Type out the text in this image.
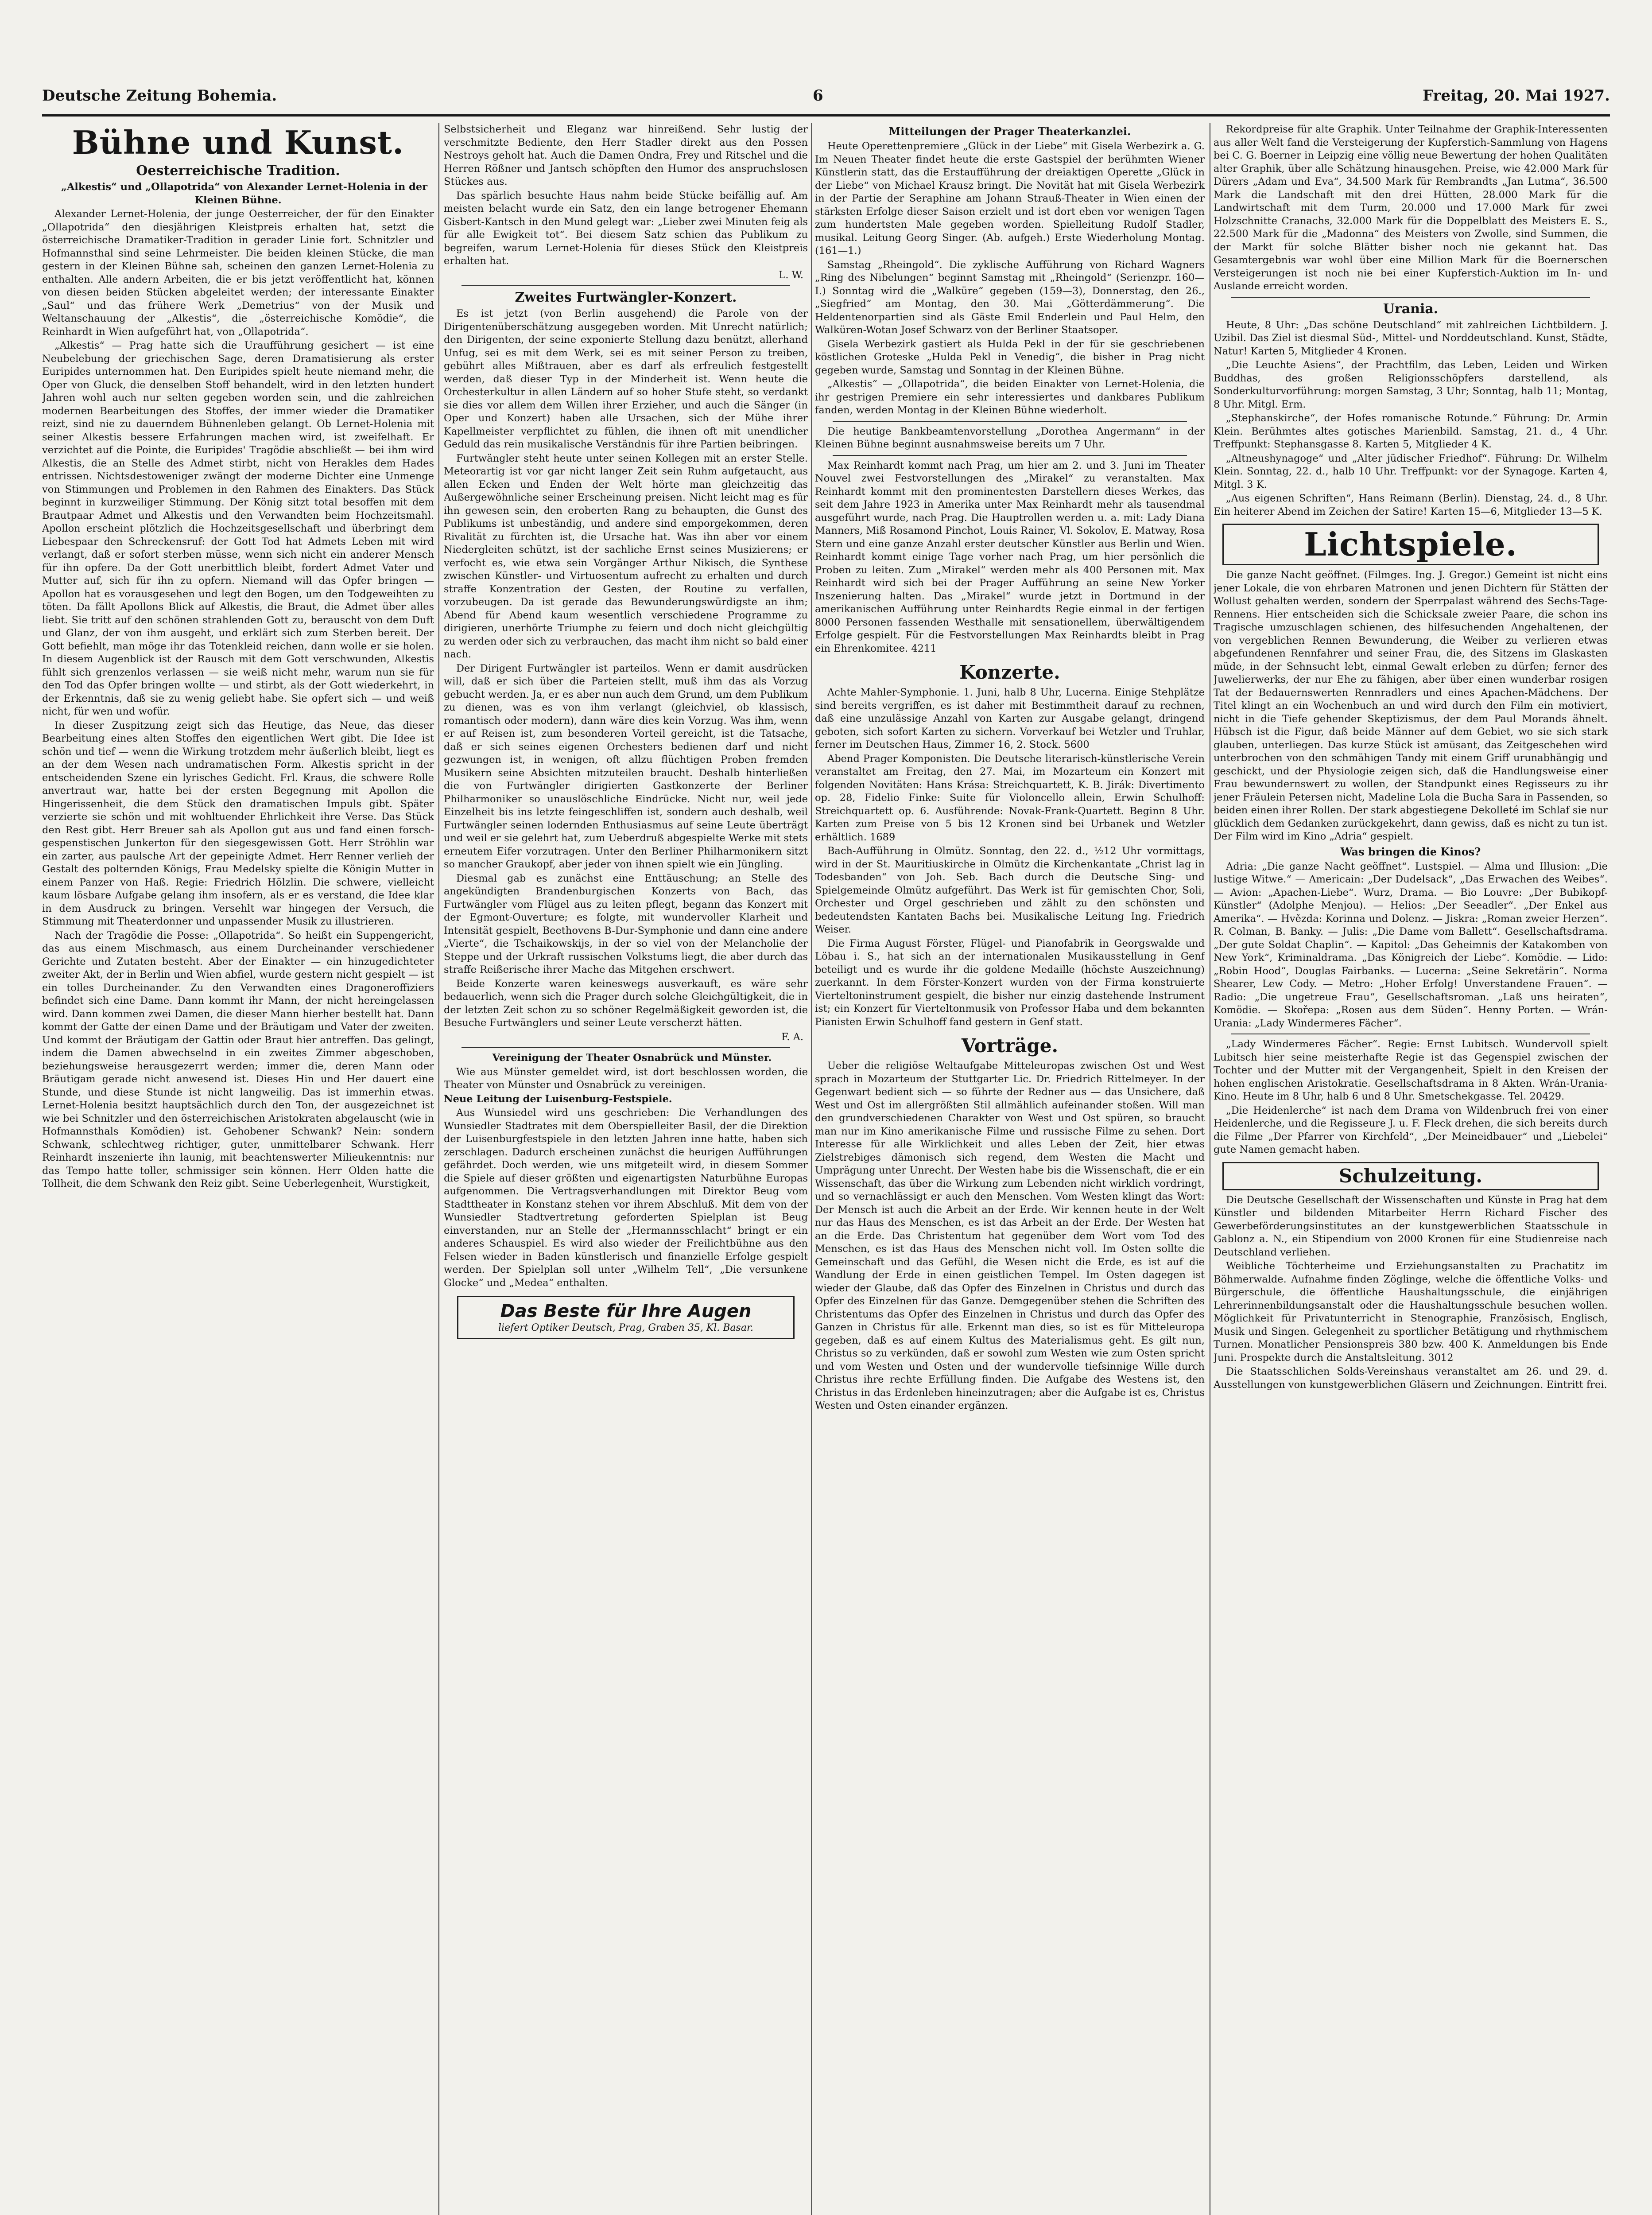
Deutsche Zeitung Bohemia.	6	Freitag, 20. Mai 1927.
Bühne und Kunst.
Oesterreichische Tradition.

„Alkestis“ und „Ollapotrida“ von Alexander Lernet-Holenia in der Kleinen Bühne.

Alexander Lernet-Holenia, der junge Oesterreicher, der für den Einakter „Ollapotrida“ den diesjährigen Kleistpreis erhalten hat, setzt die österreichische Dramatiker-Tradition in gerader Linie fort. Schnitzler und Hofmannsthal sind seine Lehrmeister. Die beiden kleinen Stücke, die man gestern in der Kleinen Bühne sah, scheinen den ganzen Lernet-Holenia zu enthalten. Alle andern Arbeiten, die er bis jetzt veröffentlicht hat, können von diesen beiden Stücken abgeleitet werden; der interessante Einakter „Saul“ und das frühere Werk „Demetrius“ von der Musik und Weltanschauung der „Alkestis“, die „österreichische Komödie“, die Reinhardt in Wien aufgeführt hat, von „Ollapotrida“.

„Alkestis“ — Prag hatte sich die Uraufführung gesichert — ist eine Neubelebung der griechischen Sage, deren Dramatisierung als erster Euripides unternommen hat. Den Euripides spielt heute niemand mehr, die Oper von Gluck, die denselben Stoff behandelt, wird in den letzten hundert Jahren wohl auch nur selten gegeben worden sein, und die zahlreichen modernen Bearbeitungen des Stoffes, der immer wieder die Dramatiker reizt, sind nie zu dauerndem Bühnenleben gelangt. Ob Lernet-Holenia mit seiner Alkestis bessere Erfahrungen machen wird, ist zweifelhaft. Er verzichtet auf die Pointe, die Euripides' Tragödie abschließt — bei ihm wird Alkestis, die an Stelle des Admet stirbt, nicht von Herakles dem Hades entrissen. Nichtsdestoweniger zwängt der moderne Dichter eine Unmenge von Stimmungen und Problemen in den Rahmen des Einakters. Das Stück beginnt in kurzweiliger Stimmung. Der König sitzt total besoffen mit dem Brautpaar Admet und Alkestis und den Verwandten beim Hochzeitsmahl. Apollon erscheint plötzlich die Hochzeitsgesellschaft und überbringt dem Liebespaar den Schreckensruf: der Gott Tod hat Admets Leben mit wird verlangt, daß er sofort sterben müsse, wenn sich nicht ein anderer Mensch für ihn opfere. Da der Gott unerbittlich bleibt, fordert Admet Vater und Mutter auf, sich für ihn zu opfern. Niemand will das Opfer bringen — Apollon hat es vorausgesehen und legt den Bogen, um den Todgeweihten zu töten. Da fällt Apollons Blick auf Alkestis, die Braut, die Admet über alles liebt. Sie tritt auf den schönen strahlenden Gott zu, berauscht von dem Duft und Glanz, der von ihm ausgeht, und erklärt sich zum Sterben bereit. Der Gott befiehlt, man möge ihr das Totenkleid reichen, dann wolle er sie holen. In diesem Augenblick ist der Rausch mit dem Gott verschwunden, Alkestis fühlt sich grenzenlos verlassen — sie weiß nicht mehr, warum nun sie für den Tod das Opfer bringen wollte — und stirbt, als der Gott wiederkehrt, in der Erkenntnis, daß sie zu wenig geliebt habe. Sie opfert sich — und weiß nicht, für wen und wofür.

In dieser Zuspitzung zeigt sich das Heutige, das Neue, das dieser Bearbeitung eines alten Stoffes den eigentlichen Wert gibt. Die Idee ist schön und tief — wenn die Wirkung trotzdem mehr äußerlich bleibt, liegt es an der dem Wesen nach undramatischen Form. Alkestis spricht in der entscheidenden Szene ein lyrisches Gedicht. Frl. Kraus, die schwere Rolle anvertraut war, hatte bei der ersten Begegnung mit Apollon die Hingerissenheit, die dem Stück den dramatischen Impuls gibt. Später verzierte sie schön und mit wohltuender Ehrlichkeit ihre Verse. Das Stück den Rest gibt. Herr Breuer sah als Apollon gut aus und fand einen forsch-gespenstischen Junkerton für den siegesgewissen Gott. Herr Ströhlin war ein zarter, aus paulsche Art der gepeinigte Admet. Herr Renner verlieh der Gestalt des polternden Königs, Frau Medelsky spielte die Königin Mutter in einem Panzer von Haß. Regie: Friedrich Hölzlin. Die schwere, vielleicht kaum lösbare Aufgabe gelang ihm insofern, als er es verstand, die Idee klar in dem Ausdruck zu bringen. Versehlt war hingegen der Versuch, die Stimmung mit Theaterdonner und unpassender Musik zu illustrieren.

Nach der Tragödie die Posse: „Ollapotrida“. So heißt ein Suppengericht, das aus einem Mischmasch, aus einem Durcheinander verschiedener Gerichte und Zutaten besteht. Aber der Einakter — ein hinzugedichteter zweiter Akt, der in Berlin und Wien abfiel, wurde gestern nicht gespielt — ist ein tolles Durcheinander. Zu den Verwandten eines Dragoneroffiziers befindet sich eine Dame. Dann kommt ihr Mann, der nicht hereingelassen wird. Dann kommen zwei Damen, die dieser Mann hierher bestellt hat. Dann kommt der Gatte der einen Dame und der Bräutigam und Vater der zweiten. Und kommt der Bräutigam der Gattin oder Braut hier antreffen. Das gelingt, indem die Damen abwechselnd in ein zweites Zimmer abgeschoben, beziehungsweise herausgezerrt werden; immer die, deren Mann oder Bräutigam gerade nicht anwesend ist. Dieses Hin und Her dauert eine Stunde, und diese Stunde ist nicht langweilig. Das ist immerhin etwas. Lernet-Holenia besitzt hauptsächlich durch den Ton, der ausgezeichnet ist wie bei Schnitzler und den österreichischen Aristokraten abgelauscht (wie in Hofmannsthals Komödien) ist. Gehobener Schwank? Nein: sondern Schwank, schlechtweg richtiger, guter, unmittelbarer Schwank. Herr Reinhardt inszenierte ihn launig, mit beachtenswerter Milieukenntnis: nur das Tempo hatte toller, schmissiger sein können. Herr Olden hatte die Tollheit, die dem Schwank den Reiz gibt. Seine Ueberlegenheit, Wurstigkeit,

Selbstsicherheit und Eleganz war hinreißend. Sehr lustig der verschmitzte Bediente, den Herr Stadler direkt aus den Possen Nestroys geholt hat. Auch die Damen Ondra, Frey und Ritschel und die Herren Rößner und Jantsch schöpften den Humor des anspruchslosen Stückes aus.

Das spärlich besuchte Haus nahm beide Stücke beifällig auf. Am meisten belacht wurde ein Satz, den ein lange betrogener Ehemann Gisbert-Kantsch in den Mund gelegt war: „Lieber zwei Minuten feig als für alle Ewigkeit tot“. Bei diesem Satz schien das Publikum zu begreifen, warum Lernet-Holenia für dieses Stück den Kleistpreis erhalten hat.

L. W.
Zweites Furtwängler-Konzert.

Es ist jetzt (von Berlin ausgehend) die Parole von der Dirigentenüberschätzung ausgegeben worden. Mit Unrecht natürlich; den Dirigenten, der seine exponierte Stellung dazu benützt, allerhand Unfug, sei es mit dem Werk, sei es mit seiner Person zu treiben, gebührt alles Mißtrauen, aber es darf als erfreulich festgestellt werden, daß dieser Typ in der Minderheit ist. Wenn heute die Orchesterkultur in allen Ländern auf so hoher Stufe steht, so verdankt sie dies vor allem dem Willen ihrer Erzieher, und auch die Sänger (in Oper und Konzert) haben alle Ursachen, sich der Mühe ihrer Kapellmeister verpflichtet zu fühlen, die ihnen oft mit unendlicher Geduld das rein musikalische Verständnis für ihre Partien beibringen.

Furtwängler steht heute unter seinen Kollegen mit an erster Stelle. Meteorartig ist vor gar nicht langer Zeit sein Ruhm aufgetaucht, aus allen Ecken und Enden der Welt hörte man gleichzeitig das Außergewöhnliche seiner Erscheinung preisen. Nicht leicht mag es für ihn gewesen sein, den eroberten Rang zu behaupten, die Gunst des Publikums ist unbeständig, und andere sind emporgekommen, deren Rivalität zu fürchten ist, die Ursache hat. Was ihn aber vor einem Niedergleiten schützt, ist der sachliche Ernst seines Musizierens; er verfocht es, wie etwa sein Vorgänger Arthur Nikisch, die Synthese zwischen Künstler- und Virtuosentum aufrecht zu erhalten und durch straffe Konzentration der Gesten, der Routine zu verfallen, vorzubeugen. Da ist gerade das Bewunderungswürdigste an ihm; Abend für Abend kaum wesentlich verschiedene Programme zu dirigieren, unerhörte Triumphe zu feiern und doch nicht gleichgültig zu werden oder sich zu verbrauchen, das macht ihm nicht so bald einer nach.

Der Dirigent Furtwängler ist parteilos. Wenn er damit ausdrücken will, daß er sich über die Parteien stellt, muß ihm das als Vorzug gebucht werden. Ja, er es aber nun auch dem Grund, um dem Publikum zu dienen, was es von ihm verlangt (gleichviel, ob klassisch, romantisch oder modern), dann wäre dies kein Vorzug. Was ihm, wenn er auf Reisen ist, zum besonderen Vorteil gereicht, ist die Tatsache, daß er sich seines eigenen Orchesters bedienen darf und nicht gezwungen ist, in wenigen, oft allzu flüchtigen Proben fremden Musikern seine Absichten mitzuteilen braucht. Deshalb hinterließen die von Furtwängler dirigierten Gastkonzerte der Berliner Philharmoniker so unauslöschliche Eindrücke. Nicht nur, weil jede Einzelheit bis ins letzte feingeschliffen ist, sondern auch deshalb, weil Furtwängler seinen lodernden Enthusiasmus auf seine Leute überträgt und weil er sie gelehrt hat, zum Ueberdruß abgespielte Werke mit stets erneutem Eifer vorzutragen. Unter den Berliner Philharmonikern sitzt so mancher Graukopf, aber jeder von ihnen spielt wie ein Jüngling.

Diesmal gab es zunächst eine Enttäuschung; an Stelle des angekündigten Brandenburgischen Konzerts von Bach, das Furtwängler vom Flügel aus zu leiten pflegt, begann das Konzert mit der Egmont-Ouverture; es folgte, mit wundervoller Klarheit und Intensität gespielt, Beethovens B-Dur-Symphonie und dann eine andere „Vierte“, die Tschaikowskijs, in der so viel von der Melancholie der Steppe und der Urkraft russischen Volkstums liegt, die aber durch das straffe Reißerische ihrer Mache das Mitgehen erschwert.

Beide Konzerte waren keineswegs ausverkauft, es wäre sehr bedauerlich, wenn sich die Prager durch solche Gleichgültigkeit, die in der letzten Zeit schon zu so schöner Regelmäßigkeit geworden ist, die Besuche Furtwänglers und seiner Leute verscherzt hätten.

F. A.

Vereinigung der Theater Osnabrück und Münster.

Wie aus Münster gemeldet wird, ist dort beschlossen worden, die Theater von Münster und Osnabrück zu vereinigen.

Neue Leitung der Luisenburg-Festspiele.

Aus Wunsiedel wird uns geschrieben: Die Verhandlungen des Wunsiedler Stadtrates mit dem Oberspielleiter Basil, der die Direktion der Luisenburgfestspiele in den letzten Jahren inne hatte, haben sich zerschlagen. Dadurch erscheinen zunächst die heurigen Aufführungen gefährdet. Doch werden, wie uns mitgeteilt wird, in diesem Sommer die Spiele auf dieser größten und eigenartigsten Naturbühne Europas aufgenommen. Die Vertragsverhandlungen mit Direktor Beug vom Stadttheater in Konstanz stehen vor ihrem Abschluß. Mit dem von der Wunsiedler Stadtvertretung geforderten Spielplan ist Beug einverstanden, nur an Stelle der „Hermannsschlacht“ bringt er ein anderes Schauspiel. Es wird also wieder der Freilichtbühne aus den Felsen wieder in Baden künstlerisch und finanzielle Erfolge gespielt werden. Der Spielplan soll unter „Wilhelm Tell“, „Die versunkene Glocke“ und „Medea“ enthalten.

Das Beste für Ihre Augen
liefert Optiker Deutsch, Prag, Graben 35, Kl. Basar.
Mitteilungen der Prager Theaterkanzlei.

Heute Operettenpremiere „Glück in der Liebe“ mit Gisela Werbezirk a. G. Im Neuen Theater findet heute die erste Gastspiel der berühmten Wiener Künstlerin statt, das die Erstaufführung der dreiaktigen Operette „Glück in der Liebe“ von Michael Krausz bringt. Die Novität hat mit Gisela Werbezirk in der Partie der Seraphine am Johann Strauß-Theater in Wien einen der stärksten Erfolge dieser Saison erzielt und ist dort eben vor wenigen Tagen zum hundertsten Male gegeben worden. Spielleitung Rudolf Stadler, musikal. Leitung Georg Singer. (Ab. aufgeh.) Erste Wiederholung Montag. (161—1.)

Samstag „Rheingold“. Die zyklische Aufführung von Richard Wagners „Ring des Nibelungen“ beginnt Samstag mit „Rheingold“ (Serienzpr. 160—I.) Sonntag wird die „Walküre“ gegeben (159—3), Donnerstag, den 26., „Siegfried“ am Montag, den 30. Mai „Götterdämmerung“. Die Heldentenorpartien sind als Gäste Emil Enderlein und Paul Helm, den Walküren-Wotan Josef Schwarz von der Berliner Staatsoper.

Gisela Werbezirk gastiert als Hulda Pekl in der für sie geschriebenen köstlichen Groteske „Hulda Pekl in Venedig“, die bisher in Prag nicht gegeben wurde, Samstag und Sonntag in der Kleinen Bühne.

„Alkestis“ — „Ollapotrida“, die beiden Einakter von Lernet-Holenia, die ihr gestrigen Premiere ein sehr interessiertes und dankbares Publikum fanden, werden Montag in der Kleinen Bühne wiederholt.

Die heutige Bankbeamtenvorstellung „Dorothea Angermann“ in der Kleinen Bühne beginnt ausnahmsweise bereits um 7 Uhr.

Max Reinhardt kommt nach Prag, um hier am 2. und 3. Juni im Theater Nouvel zwei Festvorstellungen des „Mirakel“ zu veranstalten. Max Reinhardt kommt mit den prominentesten Darstellern dieses Werkes, das seit dem Jahre 1923 in Amerika unter Max Reinhardt mehr als tausendmal ausgeführt wurde, nach Prag. Die Hauptrollen werden u. a. mit: Lady Diana Manners, Miß Rosamond Pinchot, Louis Rainer, Vl. Sokolov, E. Matway, Rosa Stern und eine ganze Anzahl erster deutscher Künstler aus Berlin und Wien. Reinhardt kommt einige Tage vorher nach Prag, um hier persönlich die Proben zu leiten. Zum „Mirakel“ werden mehr als 400 Personen mit. Max Reinhardt wird sich bei der Prager Aufführung an seine New Yorker Inszenierung halten. Das „Mirakel“ wurde jetzt in Dortmund in der amerikanischen Aufführung unter Reinhardts Regie einmal in der fertigen 8000 Personen fassenden Westhalle mit sensationellem, überwältigendem Erfolge gespielt. Für die Festvorstellungen Max Reinhardts bleibt in Prag ein Ehrenkomitee. 4211

Konzerte.

Achte Mahler-Symphonie. 1. Juni, halb 8 Uhr, Lucerna. Einige Stehplätze sind bereits vergriffen, es ist daher mit Bestimmtheit darauf zu rechnen, daß eine unzulässige Anzahl von Karten zur Ausgabe gelangt, dringend geboten, sich sofort Karten zu sichern. Vorverkauf bei Wetzler und Truhlar, ferner im Deutschen Haus, Zimmer 16, 2. Stock. 5600

Abend Prager Komponisten. Die Deutsche literarisch-künstlerische Verein veranstaltet am Freitag, den 27. Mai, im Mozarteum ein Konzert mit folgenden Novitäten: Hans Krása: Streichquartett, K. B. Jirák: Divertimento op. 28, Fidelio Finke: Suite für Violoncello allein, Erwin Schulhoff: Streichquartett op. 6. Ausführende: Novak-Frank-Quartett. Beginn 8 Uhr. Karten zum Preise von 5 bis 12 Kronen sind bei Urbanek und Wetzler erhältlich. 1689

Bach-Aufführung in Olmütz. Sonntag, den 22. d., ½12 Uhr vormittags, wird in der St. Mauritiuskirche in Olmütz die Kirchenkantate „Christ lag in Todesbanden“ von Joh. Seb. Bach durch die Deutsche Sing- und Spielgemeinde Olmütz aufgeführt. Das Werk ist für gemischten Chor, Soli, Orchester und Orgel geschrieben und zählt zu den schönsten und bedeutendsten Kantaten Bachs bei. Musikalische Leitung Ing. Friedrich Weiser.

Die Firma August Förster, Flügel- und Pianofabrik in Georgswalde und Löbau i. S., hat sich an der internationalen Musikausstellung in Genf beteiligt und es wurde ihr die goldene Medaille (höchste Auszeichnung) zuerkannt. In dem Förster-Konzert wurden von der Firma konstruierte Vierteltoninstrument gespielt, die bisher nur einzig dastehende Instrument ist; ein Konzert für Vierteltonmusik von Professor Haba und dem bekannten Pianisten Erwin Schulhoff fand gestern in Genf statt.

Vorträge.

Ueber die religiöse Weltaufgabe Mitteleuropas zwischen Ost und West sprach in Mozarteum der Stuttgarter Lic. Dr. Friedrich Rittelmeyer. In der Gegenwart bedient sich — so führte der Redner aus — das Unsichere, daß West und Ost im allergrößten Stil allmählich aufeinander stoßen. Will man den grundverschiedenen Charakter von West und Ost spüren, so braucht man nur im Kino amerikanische Filme und russische Filme zu sehen. Dort Interesse für alle Wirklichkeit und alles Leben der Zeit, hier etwas Zielstrebiges dämonisch sich regend, dem Westen die Macht und Umprägung unter Unrecht. Der Westen habe bis die Wissenschaft, die er ein Wissenschaft, das über die Wirkung zum Lebenden nicht wirklich vordringt, und so vernachlässigt er auch den Menschen. Vom Westen klingt das Wort: Der Mensch ist auch die Arbeit an der Erde. Wir kennen heute in der Welt nur das Haus des Menschen, es ist das Arbeit an der Erde. Der Westen hat an die Erde. Das Christentum hat gegenüber dem Wort vom Tod des Menschen, es ist das Haus des Menschen nicht voll. Im Osten sollte die Gemeinschaft und das Gefühl, die Wesen nicht die Erde, es ist auf die Wandlung der Erde in einen geistlichen Tempel. Im Osten dagegen ist wieder der Glaube, daß das Opfer des Einzelnen in Christus und durch das Opfer des Einzelnen für das Ganze. Demgegenüber stehen die Schriften des Christentums das Opfer des Einzelnen in Christus und durch das Opfer des Ganzen in Christus für alle. Erkennt man dies, so ist es für Mitteleuropa gegeben, daß es auf einem Kultus des Materialismus geht. Es gilt nun, Christus so zu verkünden, daß er sowohl zum Westen wie zum Osten spricht und vom Westen und Osten und der wundervolle tiefsinnige Wille durch Christus ihre rechte Erfüllung finden. Die Aufgabe des Westens ist, den Christus in das Erdenleben hineinzutragen; aber die Aufgabe ist es, Christus Westen und Osten einander ergänzen.

Rekordpreise für alte Graphik. Unter Teilnahme der Graphik-Interessenten aus aller Welt fand die Versteigerung der Kupferstich-Sammlung von Hagens bei C. G. Boerner in Leipzig eine völlig neue Bewertung der hohen Qualitäten alter Graphik, über alle Schätzung hinausgehen. Preise, wie 42.000 Mark für Dürers „Adam und Eva“, 34.500 Mark für Rembrandts „Jan Lutma“, 36.500 Mark die Landschaft mit den drei Hütten, 28.000 Mark für die Landwirtschaft mit dem Turm, 20.000 und 17.000 Mark für zwei Holzschnitte Cranachs, 32.000 Mark für die Doppelblatt des Meisters E. S., 22.500 Mark für die „Madonna“ des Meisters von Zwolle, sind Summen, die der Markt für solche Blätter bisher noch nie gekannt hat. Das Gesamtergebnis war wohl über eine Million Mark für die Boernerschen Versteigerungen ist noch nie bei einer Kupferstich-Auktion im In- und Auslande erreicht worden.

Urania.

Heute, 8 Uhr: „Das schöne Deutschland“ mit zahlreichen Lichtbildern. J. Uzibil. Das Ziel ist diesmal Süd-, Mittel- und Norddeutschland. Kunst, Städte, Natur! Karten 5, Mitglieder 4 Kronen.

„Die Leuchte Asiens“, der Prachtfilm, das Leben, Leiden und Wirken Buddhas, des großen Religionsschöpfers darstellend, als Sonderkulturvorführung: morgen Samstag, 3 Uhr; Sonntag, halb 11; Montag, 8 Uhr. Mitgl. Erm.

„Stephanskirche“, der Hofes romanische Rotunde.“ Führung: Dr. Armin Klein. Berühmtes altes gotisches Marienbild. Samstag, 21. d., 4 Uhr. Treffpunkt: Stephansgasse 8. Karten 5, Mitglieder 4 K.

„Altneushynagoge“ und „Alter jüdischer Friedhof“. Führung: Dr. Wilhelm Klein. Sonntag, 22. d., halb 10 Uhr. Treffpunkt: vor der Synagoge. Karten 4, Mitgl. 3 K.

„Aus eigenen Schriften“, Hans Reimann (Berlin). Dienstag, 24. d., 8 Uhr. Ein heiterer Abend im Zeichen der Satire! Karten 15—6, Mitglieder 13—5 K.

Lichtspiele.

Die ganze Nacht geöffnet. (Filmges. Ing. J. Gregor.) Gemeint ist nicht eins jener Lokale, die von ehrbaren Matronen und jenen Dichtern für Stätten der Wollust gehalten werden, sondern der Sperrpalast während des Sechs-Tage-Rennens. Hier entscheiden sich die Schicksale zweier Paare, die schon ins Tragische umzuschlagen schienen, des hilfesuchenden Angehaltenen, der von vergeblichen Rennen Bewunderung, die Weiber zu verlieren etwas abgefundenen Rennfahrer und seiner Frau, die, des Sitzens im Glaskasten müde, in der Sehnsucht lebt, einmal Gewalt erleben zu dürfen; ferner des Juwelierwerks, der nur Ehe zu fähigen, aber über einen wunderbar rosigen Tat der Bedauernswerten Rennradlers und eines Apachen-Mädchens. Der Titel klingt an ein Wochenbuch an und wird durch den Film ein motiviert, nicht in die Tiefe gehender Skeptizismus, der dem Paul Morands ähnelt. Hübsch ist die Figur, daß beide Männer auf dem Gebiet, wo sie sich stark glauben, unterliegen. Das kurze Stück ist amüsant, das Zeitgeschehen wird unterbrochen von den schmähigen Tandy mit einem Griff urunabhängig und geschickt, und der Physiologie zeigen sich, daß die Handlungsweise einer Frau bewundernswert zu wollen, der Standpunkt eines Regisseurs zu ihr jener Fräulein Petersen nicht, Madeline Lola die Bucha Sara in Passenden, so beiden einen ihrer Rollen. Der stark abgestiegene Dekolleté im Schlaf sie nur glücklich dem Gedanken zurückgekehrt, dann gewiss, daß es nicht zu tun ist. Der Film wird im Kino „Adria“ gespielt.

Was bringen die Kinos?

Adria: „Die ganze Nacht geöffnet“. Lustspiel. — Alma und Illusion: „Die lustige Witwe.“ — Americain: „Der Dudelsack“, „Das Erwachen des Weibes“. — Avion: „Apachen-Liebe“. Wurz, Drama. — Bio Louvre: „Der Bubikopf-Künstler“ (Adolphe Menjou). — Helios: „Der Seeadler“. „Der Enkel aus Amerika“. — Hvězda: Korinna und Dolenz. — Jiskra: „Roman zweier Herzen“. R. Colman, B. Banky. — Julis: „Die Dame vom Ballett“. Gesellschaftsdrama. „Der gute Soldat Chaplin“. — Kapitol: „Das Geheimnis der Katakomben von New York“, Kriminaldrama. „Das Königreich der Liebe“. Komödie. — Lido: „Robin Hood“, Douglas Fairbanks. — Lucerna: „Seine Sekretärin“. Norma Shearer, Lew Cody. — Metro: „Hoher Erfolg! Unverstandene Frauen“. — Radio: „Die ungetreue Frau“, Gesellschaftsroman. „Laß uns heiraten“, Komödie. — Skořepa: „Rosen aus dem Süden“. Henny Porten. — Wrán-Urania: „Lady Windermeres Fächer“.

„Lady Windermeres Fächer“. Regie: Ernst Lubitsch. Wundervoll spielt Lubitsch hier seine meisterhafte Regie ist das Gegenspiel zwischen der Tochter und der Mutter mit der Vergangenheit, Spielt in den Kreisen der hohen englischen Aristokratie. Gesellschaftsdrama in 8 Akten. Wrán-Urania-Kino. Heute im 8 Uhr, halb 6 und 8 Uhr. Smetschekgasse. Tel. 20429.

„Die Heidenlerche“ ist nach dem Drama von Wildenbruch frei von einer Heidenlerche, und die Regisseure J. u. F. Fleck drehen, die sich bereits durch die Filme „Der Pfarrer von Kirchfeld“, „Der Meineidbauer“ und „Liebelei“ gute Namen gemacht haben.

Schulzeitung.

Die Deutsche Gesellschaft der Wissenschaften und Künste in Prag hat dem Künstler und bildenden Mitarbeiter Herrn Richard Fischer des Gewerbeförderungsinstitutes an der kunstgewerblichen Staatsschule in Gablonz a. N., ein Stipendium von 2000 Kronen für eine Studienreise nach Deutschland verliehen.

Weibliche Töchterheime und Erziehungsanstalten zu Prachatitz im Böhmerwalde. Aufnahme finden Zöglinge, welche die öffentliche Volks- und Bürgerschule, die öffentliche Haushaltungsschule, die einjährigen Lehrerinnenbildungsanstalt oder die Haushaltungsschule besuchen wollen. Möglichkeit für Privatunterricht in Stenographie, Französisch, Englisch, Musik und Singen. Gelegenheit zu sportlicher Betätigung und rhythmischem Turnen. Monatlicher Pensionspreis 380 bzw. 400 K. Anmeldungen bis Ende Juni. Prospekte durch die Anstaltsleitung. 3012

Die Staatsschlichen Solds-Vereinshaus veranstaltet am 26. und 29. d. Ausstellungen von kunstgewerblichen Gläsern und Zeichnungen. Eintritt frei.
